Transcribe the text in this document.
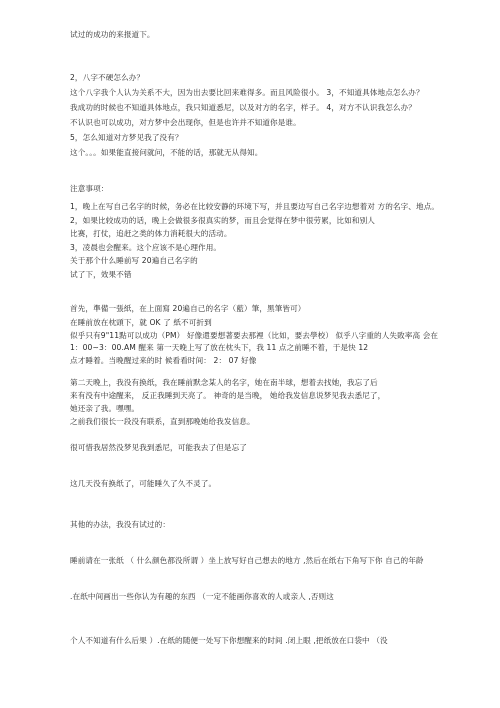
试过的成功的来报道下。
2，八字不硬怎么办？
这个八字我个人认为关系不大，因为出去要比回来难得多。而且风险很小。 3，不知道具体地点怎么办？
我成功的时候也不知道具体地点，我只知道悉尼，以及对方的名字，样子。 4，对方不认识我怎么办？
不认识也可以成功，对方梦中会出现你，但是也许并不知道你是谁。
5，怎么知道对方梦见我了没有？
这个。。。如果能直接问就问，不能的话，那就无从得知。
注意事项：
1，晚上在写自己名字的时候，务必在比较安静的环境下写，并且要边写自己名字边想着对 方的名字、地点。
2，如果比较成功的话，晚上会做很多很真实的梦，而且会觉得在梦中很劳累，比如和别人
比赛，打仗，追赶之类的体力消耗很大的活动。
3，凌晨也会醒来。这个应该不是心理作用。
关于那个什么睡前写 20遍自己名字的
试了下，效果不错
首先，準備一張紙，在上面寫 20遍自己的名字（藍）筆，黑筆皆可）
在睡前放在枕頭下，就 OK 了 紙不可折到
似乎只有9"11點可以成功（PM） 好像還要想著要去那裡（比如，要去學校） 似乎八字重的人失敗率高 会在
1：00~3：00.AM 醒来 第一天晚上写了放在枕头下，我 11 点之前睡不着，于是快 12
点才睡着。当晚醒过来的时 候看看时间： 2： 07 好像
第二天晚上，我没有换纸，我在睡前默念某人的名字，她在南半球，想着去找她，我忘了后
来有没有中途醒来， 反正我睡到天亮了。 神奇的是当晚， 她给我发信息说梦见我去悉尼了，
她还亲了我。嘿嘿。
之前我们很长一段没有联系，直到那晚她给我发信息。
很可惜我居然没梦见我到悉尼，可能我去了但是忘了
这几天没有换纸了，可能睡久了久不灵了。
其他的办法，我没有试过的：
睡前请在一张纸 （ 什么颜色都没所谓 ）坐上放写好自己想去的地方 ,然后在纸右下角写下你 自己的年龄
.在纸中间画出一些你认为有趣的东西 （一定不能画你喜欢的人或亲人 ,否则这
个人不知道有什么后果 ）.在纸的随便一处写下你想醒来的时间 .闭上眼 ,把纸放在口袋中 （没
